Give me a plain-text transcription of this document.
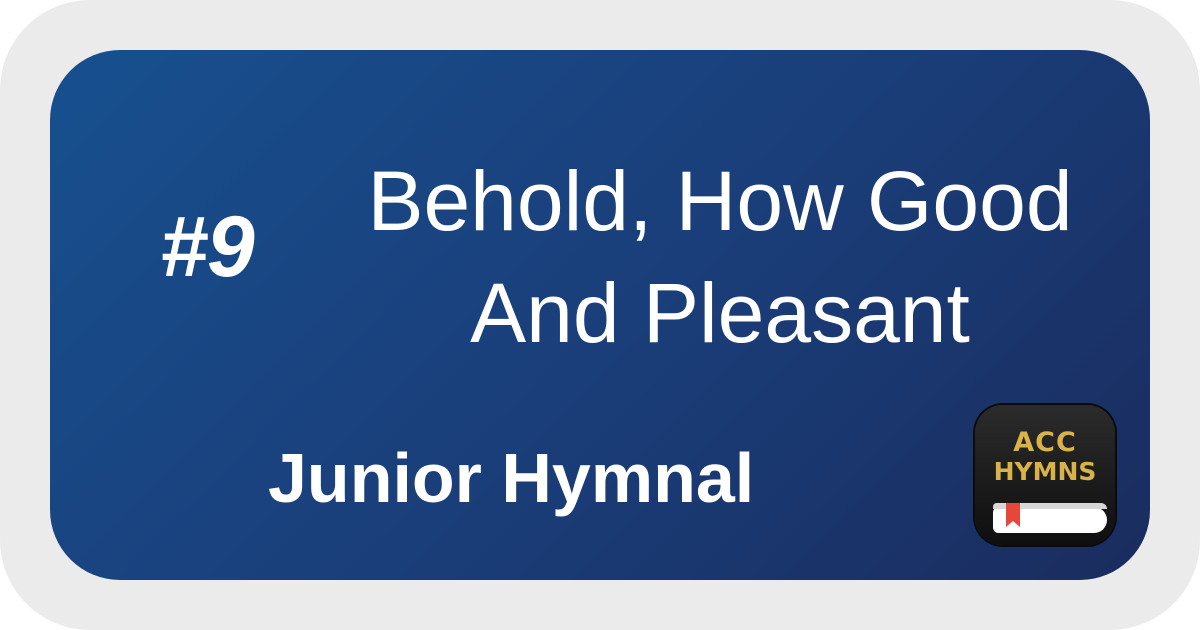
#9	Behold, How Good
And Pleasant
Junior Hymnal	ACC
HYMNS
